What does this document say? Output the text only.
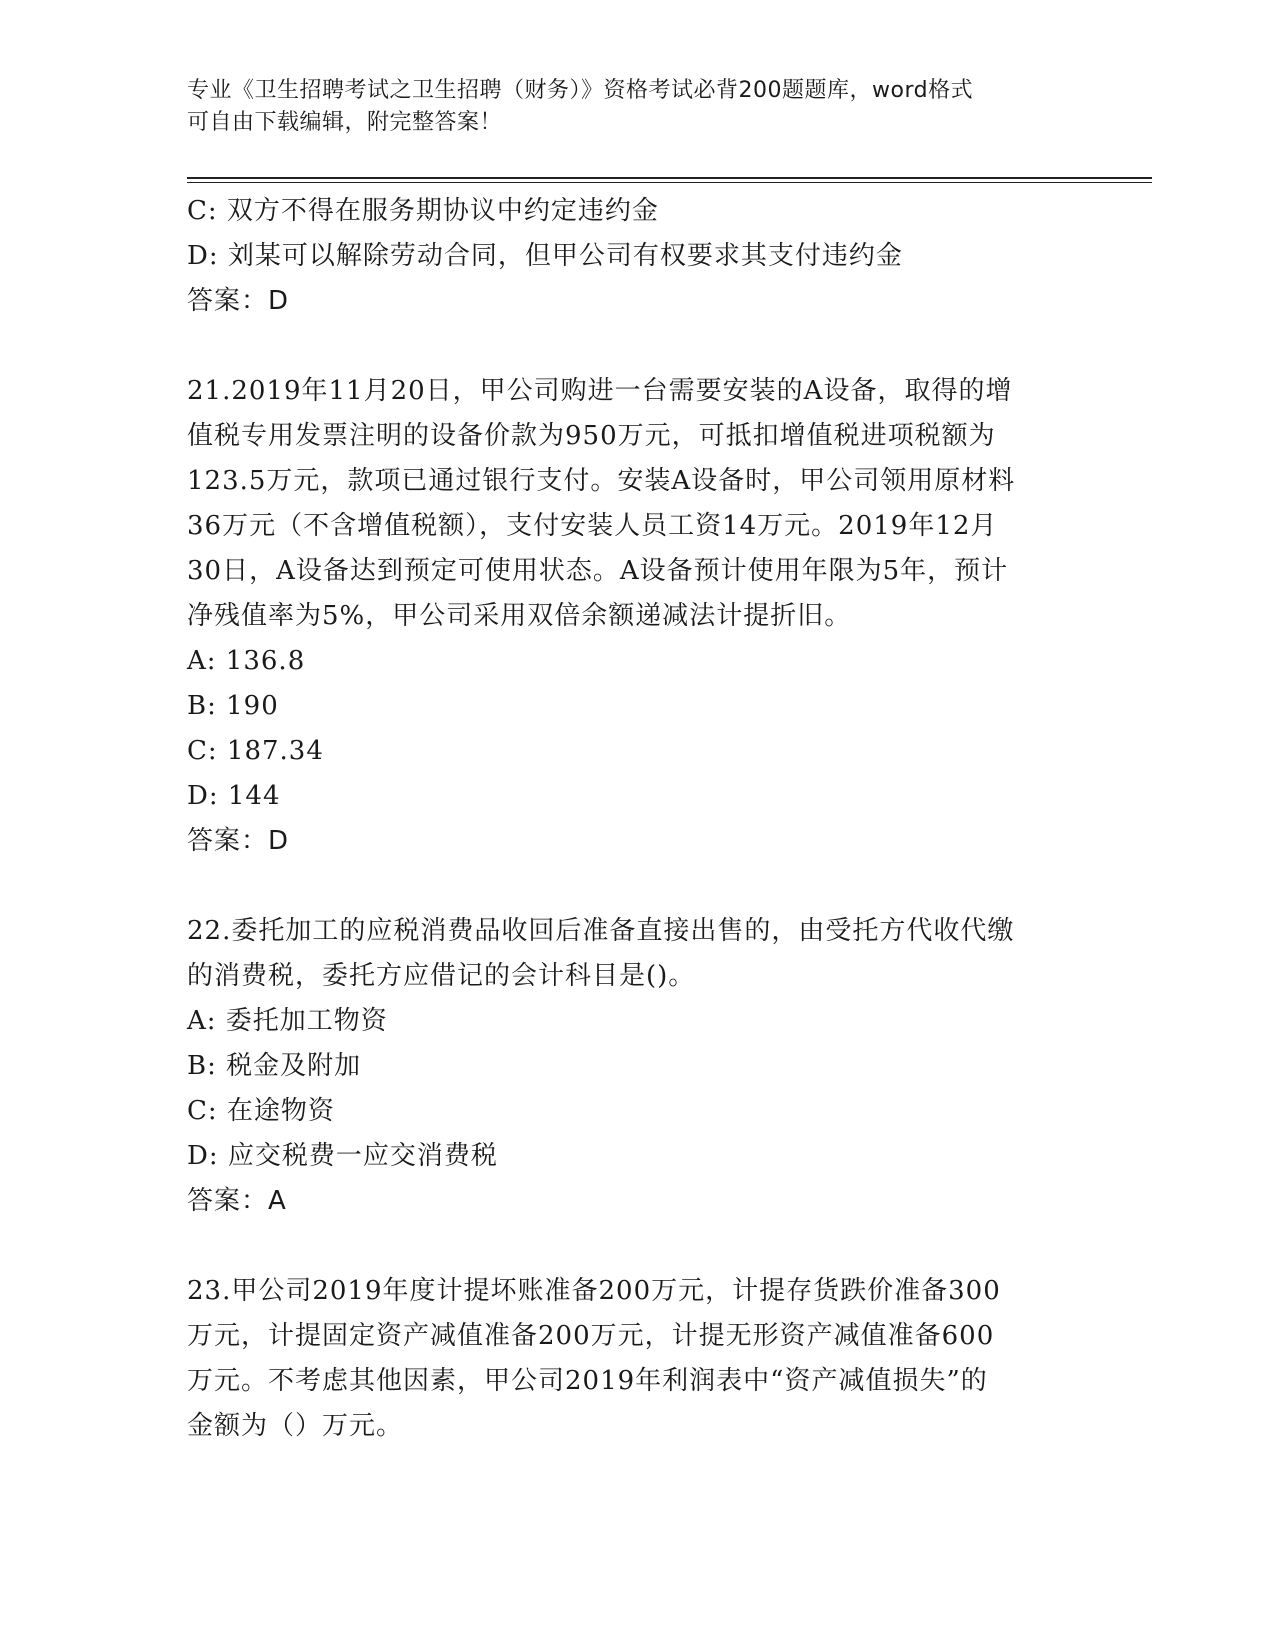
专业《卫生招聘考试之卫生招聘（财务）》资格考试必背200题题库，word格式
可自由下载编辑，附完整答案！
C: 双方不得在服务期协议中约定违约金
D: 刘某可以解除劳动合同，但甲公司有权要求其支付违约金
答案：D
21.2019年11月20日，甲公司购进一台需要安装的A设备，取得的增
值税专用发票注明的设备价款为950万元，可抵扣增值税进项税额为
123.5万元，款项已通过银行支付。安装A设备时，甲公司领用原材料
36万元（不含增值税额），支付安装人员工资14万元。2019年12月
30日，A设备达到预定可使用状态。A设备预计使用年限为5年，预计
净残值率为5%，甲公司采用双倍余额递减法计提折旧。
A: 136.8
B: 190
C: 187.34
D: 144
答案：D
22.委托加工的应税消费品收回后准备直接出售的，由受托方代收代缴
的消费税，委托方应借记的会计科目是()。
A: 委托加工物资
B: 税金及附加
C: 在途物资
D: 应交税费一应交消费税
答案：A
23.甲公司2019年度计提坏账准备200万元，计提存货跌价准备300
万元，计提固定资产减值准备200万元，计提无形资产减值准备600
万元。不考虑其他因素，甲公司2019年利润表中“资产减值损失”的
金额为（）万元。
